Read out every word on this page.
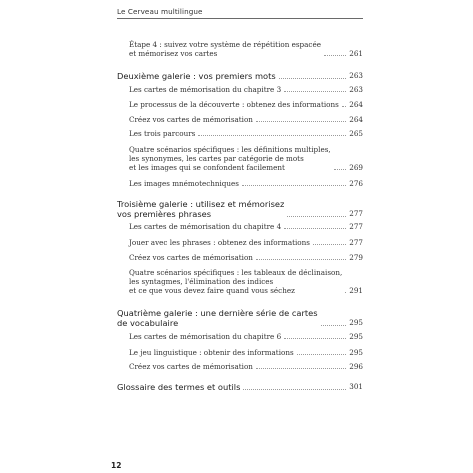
Le Cerveau multilingue
Étape 4 : suivez votre système de répétition espacée
et mémorisez vos cartes	261
Deuxième galerie : vos premiers mots	263
Les cartes de mémorisation du chapitre 3	263
Le processus de la découverte : obtenez des informations 264
Créez vos cartes de mémorisation	264
Les trois parcours	265
Quatre scénarios spécifiques : les définitions multiples,
les synonymes, les cartes par catégorie de mots
et les images qui se confondent facilement	269
Les images mnémotechniques	276
Troisième galerie : utilisez et mémorisez
vos premières phrases	277
Les cartes de mémorisation du chapitre 4	277
Jouer avec les phrases : obtenez des informations	277
Créez vos cartes de mémorisation	279
Quatre scénarios spécifiques : les tableaux de déclinaison,
les syntagmes, l'élimination des indices
et ce que vous devez faire quand vous séchez	291
Quatrième galerie : une dernière série de cartes
de vocabulaire	295
Les cartes de mémorisation du chapitre 6	295
Le jeu linguistique : obtenir des informations	295
Créez vos cartes de mémorisation	296
Glossaire des termes et outils	301
12
